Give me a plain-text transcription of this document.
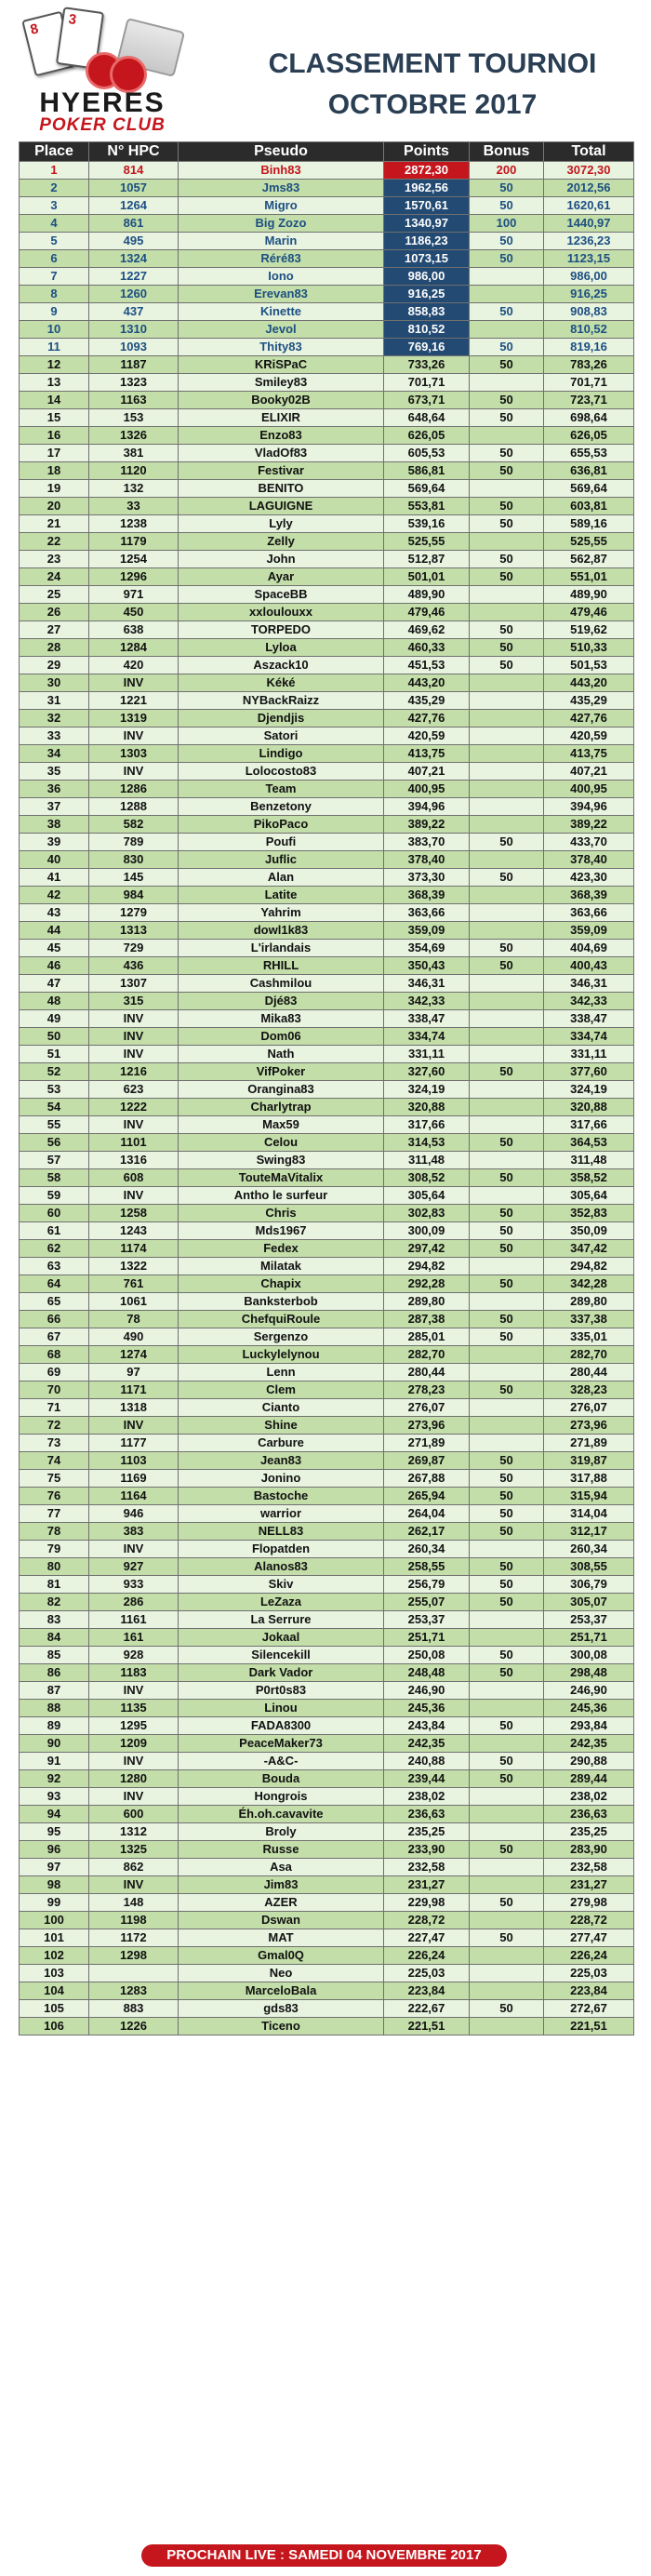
8
3
HYERES
POKER CLUB
CLASSEMENT TOURNOI
OCTOBRE 2017
Place	N° HPC	Pseudo	Points	Bonus	Total
1	814	Binh83	2872,30	200	3072,30
2	1057	Jms83	1962,56	50	2012,56
3	1264	Migro	1570,61	50	1620,61
4	861	Big Zozo	1340,97	100	1440,97
5	495	Marin	1186,23	50	1236,23
6	1324	Réré83	1073,15	50	1123,15
7	1227	Iono	986,00		986,00
8	1260	Erevan83	916,25		916,25
9	437	Kinette	858,83	50	908,83
10	1310	Jevol	810,52		810,52
11	1093	Thity83	769,16	50	819,16
12	1187	KRiSPaC	733,26	50	783,26
13	1323	Smiley83	701,71		701,71
14	1163	Booky02B	673,71	50	723,71
15	153	ELIXIR	648,64	50	698,64
16	1326	Enzo83	626,05		626,05
17	381	VladOf83	605,53	50	655,53
18	1120	Festivar	586,81	50	636,81
19	132	BENITO	569,64		569,64
20	33	LAGUIGNE	553,81	50	603,81
21	1238	Lyly	539,16	50	589,16
22	1179	Zelly	525,55		525,55
23	1254	John	512,87	50	562,87
24	1296	Ayar	501,01	50	551,01
25	971	SpaceBB	489,90		489,90
26	450	xxloulouxx	479,46		479,46
27	638	TORPEDO	469,62	50	519,62
28	1284	Lyloa	460,33	50	510,33
29	420	Aszack10	451,53	50	501,53
30	INV	Kéké	443,20		443,20
31	1221	NYBackRaizz	435,29		435,29
32	1319	Djendjis	427,76		427,76
33	INV	Satori	420,59		420,59
34	1303	Lindigo	413,75		413,75
35	INV	Lolocosto83	407,21		407,21
36	1286	Team	400,95		400,95
37	1288	Benzetony	394,96		394,96
38	582	PikoPaco	389,22		389,22
39	789	Poufi	383,70	50	433,70
40	830	Juflic	378,40		378,40
41	145	Alan	373,30	50	423,30
42	984	Latite	368,39		368,39
43	1279	Yahrim	363,66		363,66
44	1313	dowl1k83	359,09		359,09
45	729	L'irlandais	354,69	50	404,69
46	436	RHILL	350,43	50	400,43
47	1307	Cashmilou	346,31		346,31
48	315	Djé83	342,33		342,33
49	INV	Mika83	338,47		338,47
50	INV	Dom06	334,74		334,74
51	INV	Nath	331,11		331,11
52	1216	VifPoker	327,60	50	377,60
53	623	Orangina83	324,19		324,19
54	1222	Charlytrap	320,88		320,88
55	INV	Max59	317,66		317,66
56	1101	Celou	314,53	50	364,53
57	1316	Swing83	311,48		311,48
58	608	TouteMaVitalix	308,52	50	358,52
59	INV	Antho le surfeur	305,64		305,64
60	1258	Chris	302,83	50	352,83
61	1243	Mds1967	300,09	50	350,09
62	1174	Fedex	297,42	50	347,42
63	1322	Milatak	294,82		294,82
64	761	Chapix	292,28	50	342,28
65	1061	Banksterbob	289,80		289,80
66	78	ChefquiRoule	287,38	50	337,38
67	490	Sergenzo	285,01	50	335,01
68	1274	Luckylelynou	282,70		282,70
69	97	Lenn	280,44		280,44
70	1171	Clem	278,23	50	328,23
71	1318	Cianto	276,07		276,07
72	INV	Shine	273,96		273,96
73	1177	Carbure	271,89		271,89
74	1103	Jean83	269,87	50	319,87
75	1169	Jonino	267,88	50	317,88
76	1164	Bastoche	265,94	50	315,94
77	946	warrior	264,04	50	314,04
78	383	NELL83	262,17	50	312,17
79	INV	Flopatden	260,34		260,34
80	927	Alanos83	258,55	50	308,55
81	933	Skiv	256,79	50	306,79
82	286	LeZaza	255,07	50	305,07
83	1161	La Serrure	253,37		253,37
84	161	Jokaal	251,71		251,71
85	928	Silencekill	250,08	50	300,08
86	1183	Dark Vador	248,48	50	298,48
87	INV	P0rt0s83	246,90		246,90
88	1135	Linou	245,36		245,36
89	1295	FADA8300	243,84	50	293,84
90	1209	PeaceMaker73	242,35		242,35
91	INV	-A&C-	240,88	50	290,88
92	1280	Bouda	239,44	50	289,44
93	INV	Hongrois	238,02		238,02
94	600	Éh.oh.cavavite	236,63		236,63
95	1312	Broly	235,25		235,25
96	1325	Russe	233,90	50	283,90
97	862	Asa	232,58		232,58
98	INV	Jim83	231,27		231,27
99	148	AZER	229,98	50	279,98
100	1198	Dswan	228,72		228,72
101	1172	MAT	227,47	50	277,47
102	1298	Gmal0Q	226,24		226,24
103		Neo	225,03		225,03
104	1283	MarceloBala	223,84		223,84
105	883	gds83	222,67	50	272,67
106	1226	Ticeno	221,51		221,51
PROCHAIN LIVE : SAMEDI 04 NOVEMBRE 2017
